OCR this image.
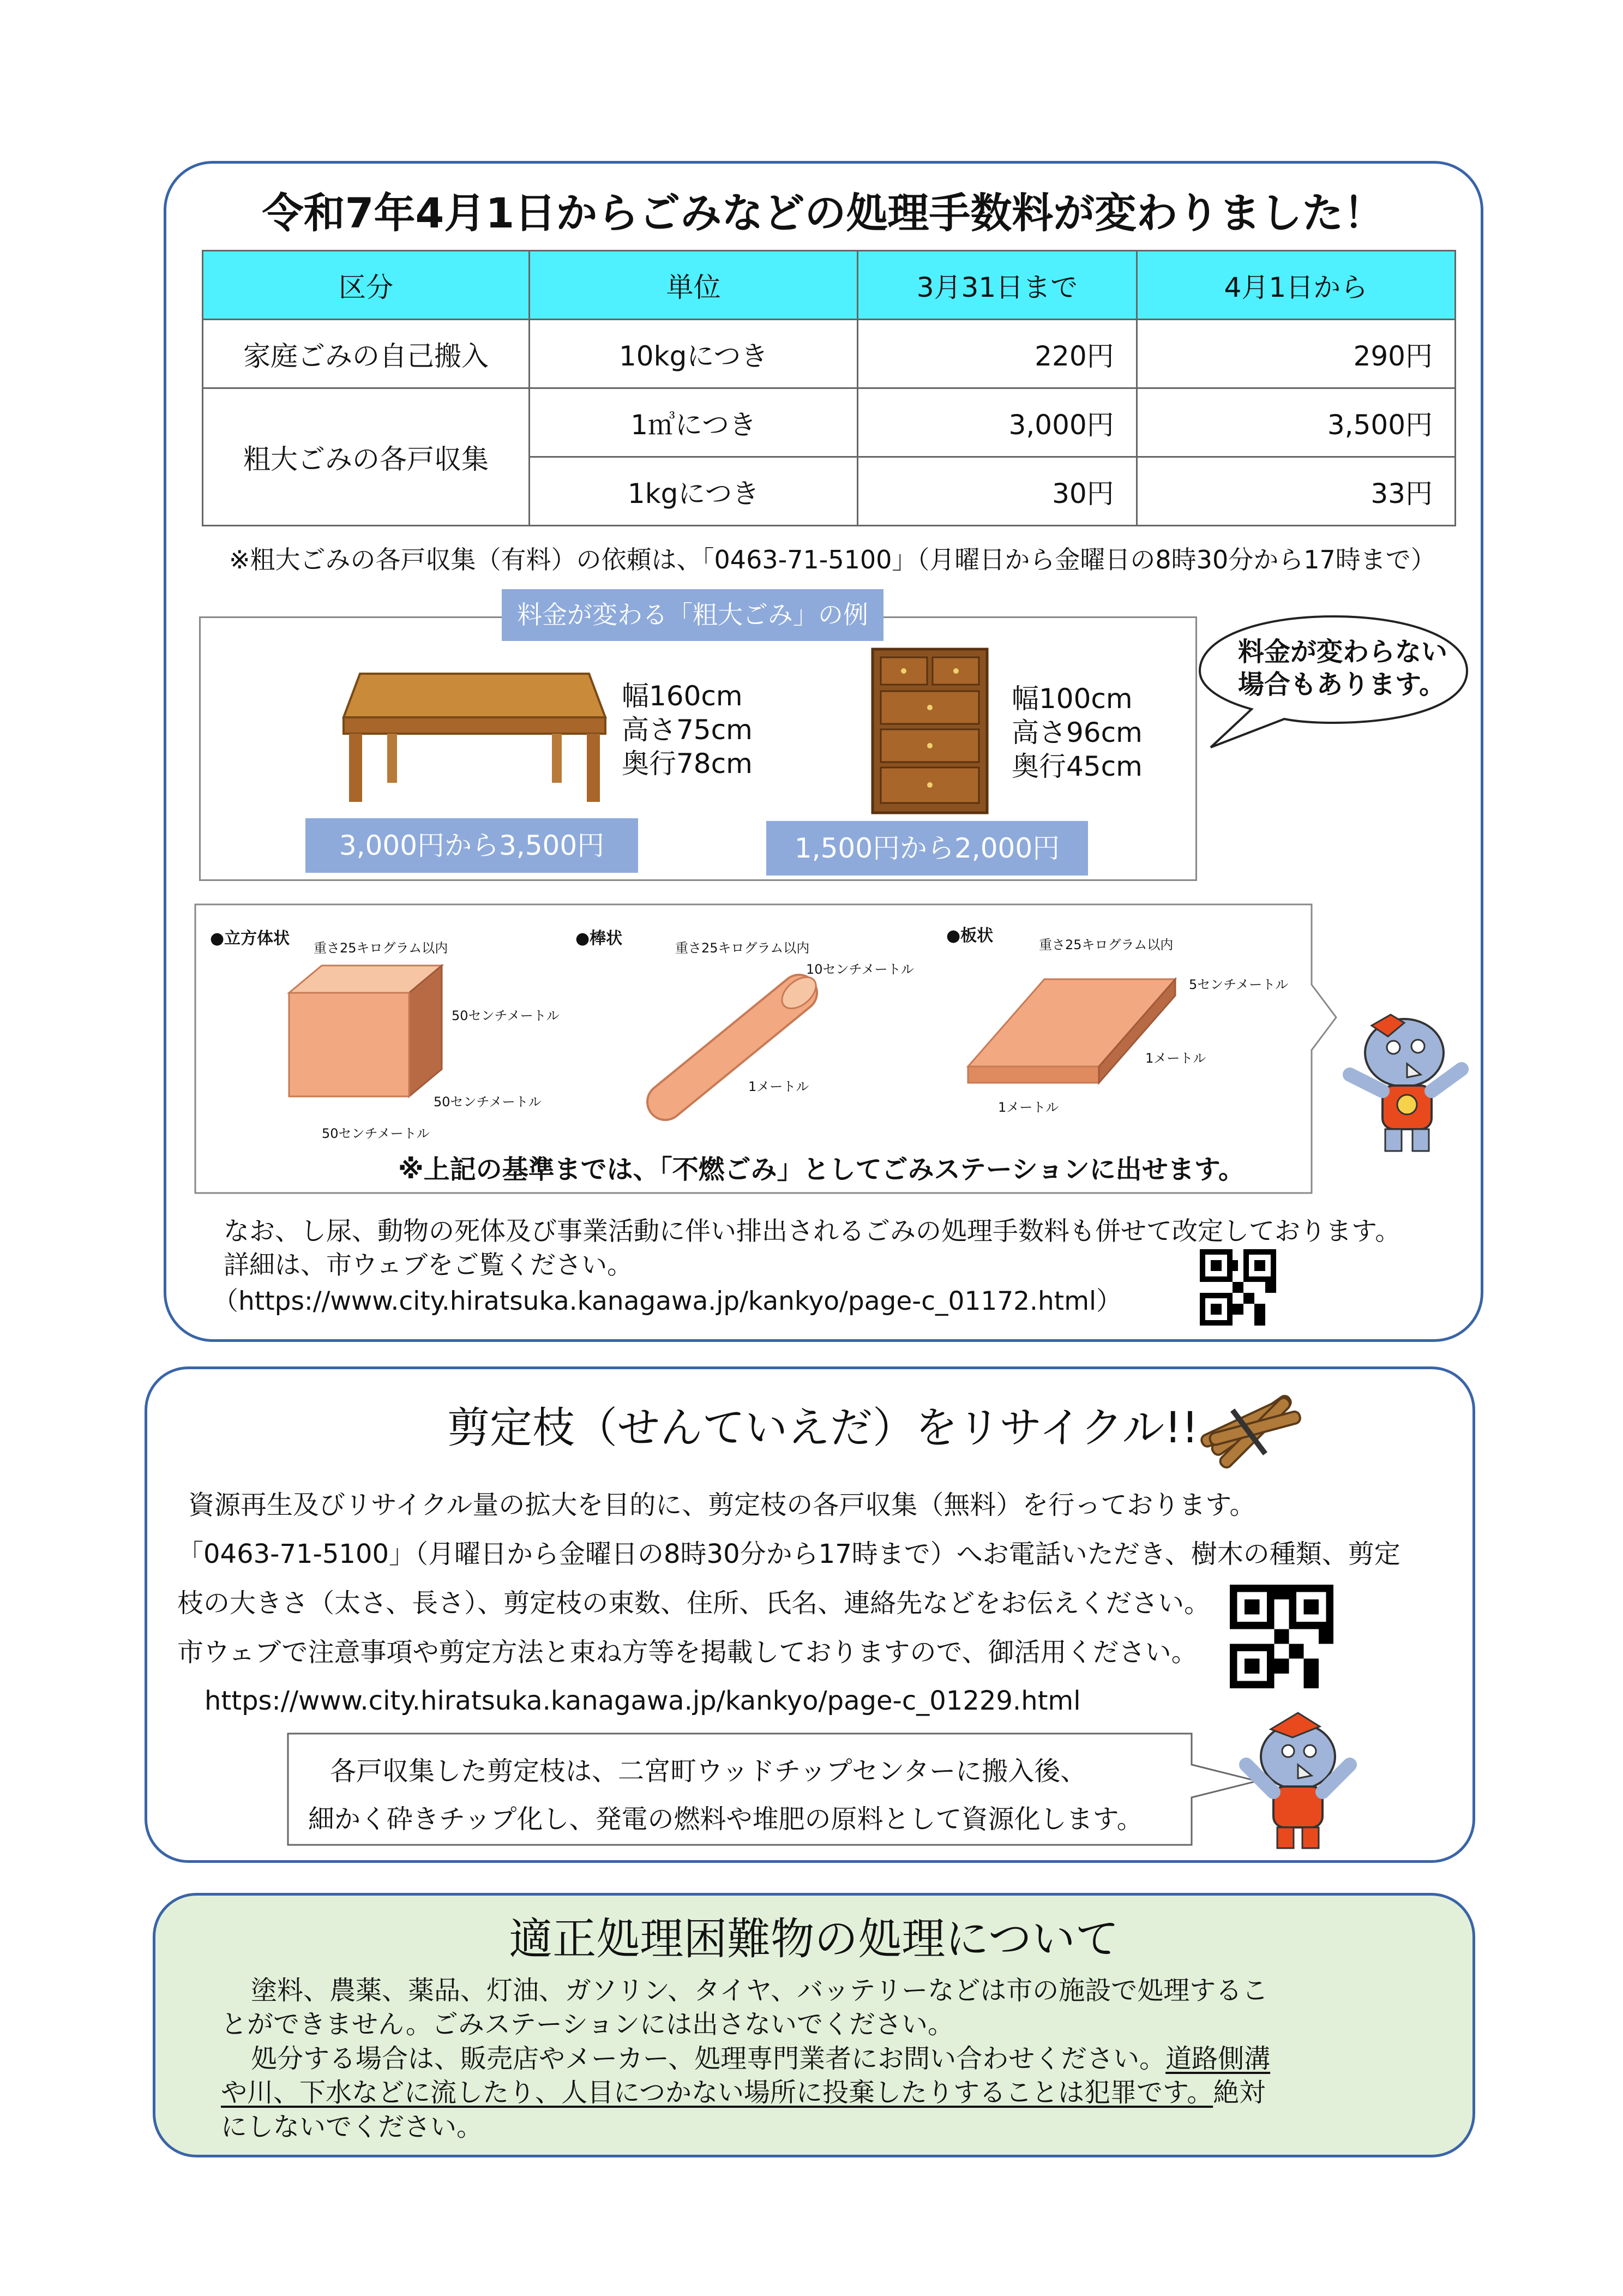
令和7年4月1日からごみなどの処理手数料が変わりました！
区分	単位	3月31日まで	4月1日から
家庭ごみの自己搬入	10kgにつき	220円	290円
粗大ごみの各戸収集	1㎥につき	3,000円	3,500円
	1kgにつき	30円	33円
※粗大ごみの各戸収集（有料）の依頼は、「0463-71-5100」（月曜日から金曜日の8時30分から17時まで）
料金が変わる「粗大ごみ」の例
幅160cm
高さ75cm
奥行78cm
3,000円から3,500円
幅100cm
高さ96cm
奥行45cm
1,500円から2,000円
料金が変わらない
場合もあります。
●立方体状 重さ25キログラム以内
50センチメートル
50センチメートル
50センチメートル
●棒状	重さ25キログラム以内
10センチメートル
1メートル
●板状	重さ25キログラム以内
5センチメートル
1メートル
1メートル
※上記の基準までは、「不燃ごみ」としてごみステーションに出せます。
なお、し尿、動物の死体及び事業活動に伴い排出されるごみの処理手数料も併せて改定しております。
詳細は、市ウェブをご覧ください。
（https://www.city.hiratsuka.kanagawa.jp/kankyo/page-c_01172.html）
剪定枝（せんていえだ）をリサイクル!!
資源再生及びリサイクル量の拡大を目的に、剪定枝の各戸収集（無料）を行っております。
「0463-71-5100」（月曜日から金曜日の8時30分から17時まで）へお電話いただき、樹木の種類、剪定
枝の大きさ（太さ、長さ）、剪定枝の束数、住所、氏名、連絡先などをお伝えください。
市ウェブで注意事項や剪定方法と束ね方等を掲載しておりますので、御活用ください。
https://www.city.hiratsuka.kanagawa.jp/kankyo/page-c_01229.html
各戸収集した剪定枝は、二宮町ウッドチップセンターに搬入後、
細かく砕きチップ化し、発電の燃料や堆肥の原料として資源化します。
適正処理困難物の処理について
塗料、農薬、薬品、灯油、ガソリン、タイヤ、バッテリーなどは市の施設で処理するこ
とができません。ごみステーションには出さないでください。
処分する場合は、販売店やメーカー、処理専門業者にお問い合わせください。道路側溝
や川、下水などに流したり、人目につかない場所に投棄したりすることは犯罪です。絶対
にしないでください。
